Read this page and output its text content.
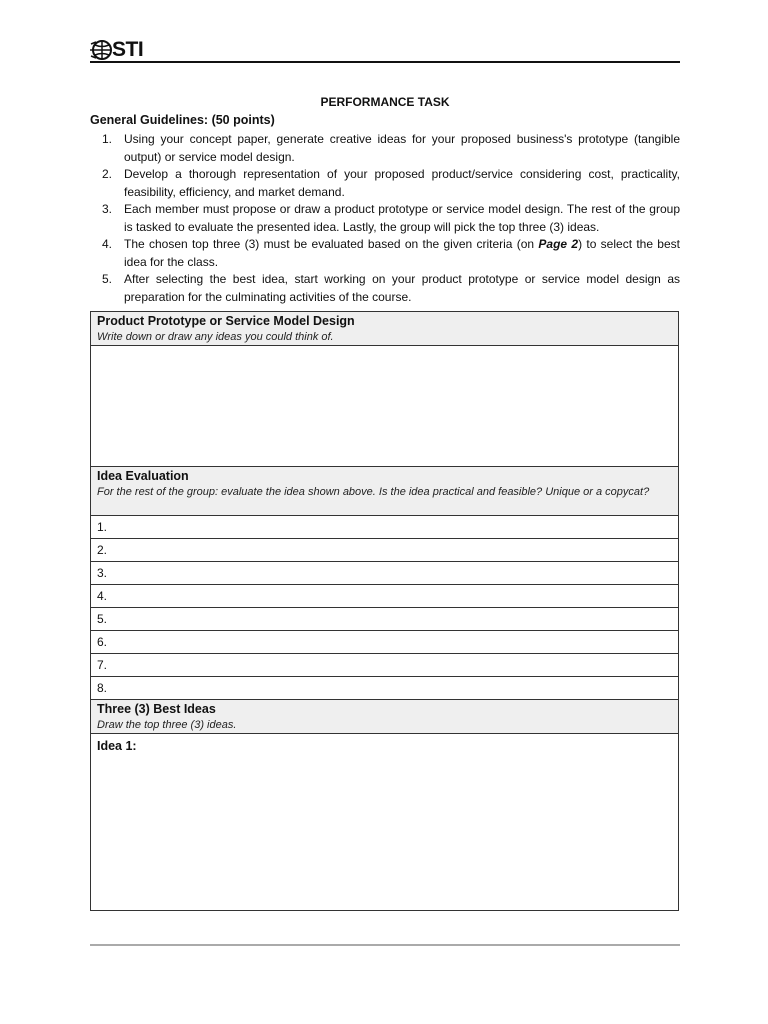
STI
PERFORMANCE TASK
General Guidelines: (50 points)
1. Using your concept paper, generate creative ideas for your proposed business's prototype (tangible output) or service model design.
2. Develop a thorough representation of your proposed product/service considering cost, practicality, feasibility, efficiency, and market demand.
3. Each member must propose or draw a product prototype or service model design. The rest of the group is tasked to evaluate the presented idea. Lastly, the group will pick the top three (3) ideas.
4. The chosen top three (3) must be evaluated based on the given criteria (on Page 2) to select the best idea for the class.
5. After selecting the best idea, start working on your product prototype or service model design as preparation for the culminating activities of the course.
Product Prototype or Service Model Design
Write down or draw any ideas you could think of.

Idea Evaluation
For the rest of the group: evaluate the idea shown above. Is the idea practical and feasible? Unique or a copycat?

1.
2.
3.
4.
5.
6.
7.
8.

Three (3) Best Ideas
Draw the top three (3) ideas.

Idea 1:
